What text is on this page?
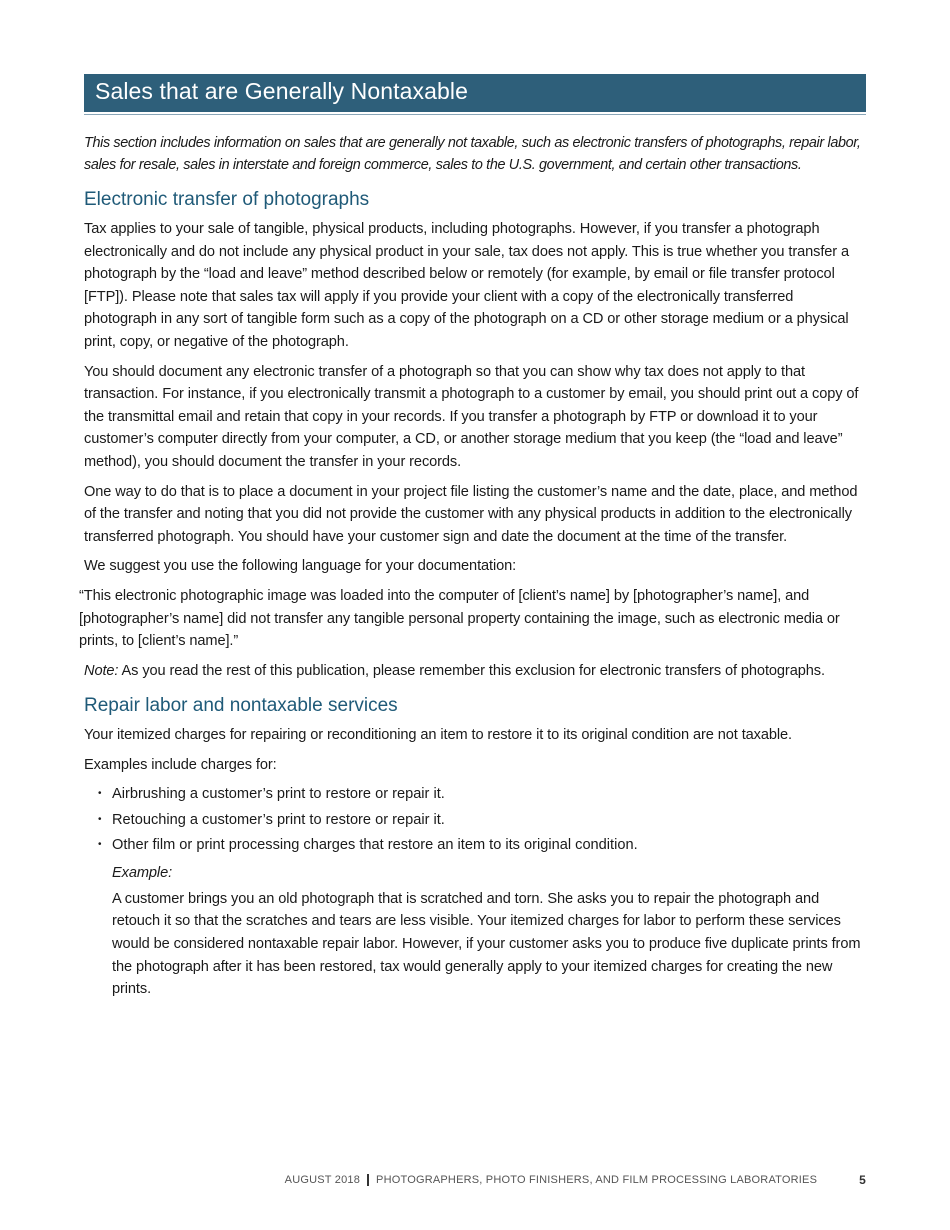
Sales that are Generally Nontaxable

This section includes information on sales that are generally not taxable, such as electronic transfers of photographs, repair labor, sales for resale, sales in interstate and foreign commerce, sales to the U.S. government, and certain other transactions.

Electronic transfer of photographs

Tax applies to your sale of tangible, physical products, including photographs. However, if you transfer a photograph electronically and do not include any physical product in your sale, tax does not apply. This is true whether you transfer a photograph by the “load and leave” method described below or remotely (for example, by email or file transfer protocol [FTP]). Please note that sales tax will apply if you provide your client with a copy of the electronically transferred photograph in any sort of tangible form such as a copy of the photograph on a CD or other storage medium or a physical print, copy, or negative of the photograph.

You should document any electronic transfer of a photograph so that you can show why tax does not apply to that transaction. For instance, if you electronically transmit a photograph to a customer by email, you should print out a copy of the transmittal email and retain that copy in your records. If you transfer a photograph by FTP or download it to your customer’s computer directly from your computer, a CD, or another storage medium that you keep (the “load and leave” method), you should document the transfer in your records.

One way to do that is to place a document in your project file listing the customer’s name and the date, place, and method of the transfer and noting that you did not provide the customer with any physical products in addition to the electronically transferred photograph. You should have your customer sign and date the document at the time of the transfer.

We suggest you use the following language for your documentation:

“This electronic photographic image was loaded into the computer of [client’s name] by [photographer’s name], and [photographer’s name] did not transfer any tangible personal property containing the image, such as electronic media or prints, to [client’s name].”

Note: As you read the rest of this publication, please remember this exclusion for electronic transfers of photographs.

Repair labor and nontaxable services

Your itemized charges for repairing or reconditioning an item to restore it to its original condition are not taxable.

Examples include charges for:

• Airbrushing a customer’s print to restore or repair it.
• Retouching a customer’s print to restore or repair it.
• Other film or print processing charges that restore an item to its original condition.

Example:

A customer brings you an old photograph that is scratched and torn. She asks you to repair the photograph and retouch it so that the scratches and tears are less visible. Your itemized charges for labor to perform these services would be considered nontaxable repair labor. However, if your customer asks you to produce five duplicate prints from the photograph after it has been restored, tax would generally apply to your itemized charges for creating the new prints.

AUGUST 2018 PHOTOGRAPHERS, PHOTO FINISHERS, AND FILM PROCESSING LABORATORIES	5
